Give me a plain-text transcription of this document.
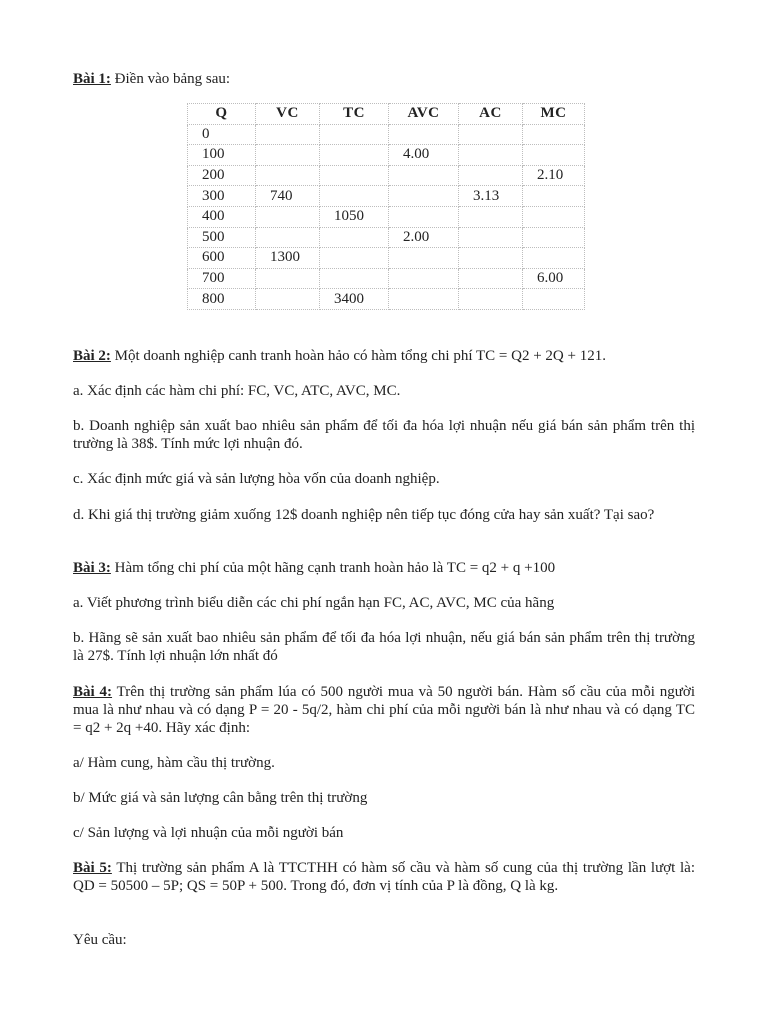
Bài 1: Điền vào bảng sau:
Q	VC	TC	AVC	AC	MC
0					
100			4.00		
200					2.10
300	740			3.13	
400		1050			
500			2.00		
600	1300				
700					6.00
800		3400			
Bài 2: Một doanh nghiệp canh tranh hoàn hảo có hàm tổng chi phí TC = Q2 + 2Q + 121.
a. Xác định các hàm chi phí: FC, VC, ATC, AVC, MC.
b. Doanh nghiệp sản xuất bao nhiêu sản phẩm để tối đa hóa lợi nhuận nếu giá bán sản phẩm trên thị trường là 38$. Tính mức lợi nhuận đó.
c. Xác định mức giá và sản lượng hòa vốn của doanh nghiệp.
d. Khi giá thị trường giảm xuống 12$ doanh nghiệp nên tiếp tục đóng cửa hay sản xuất? Tại sao?
Bài 3: Hàm tổng chi phí của một hãng cạnh tranh hoàn hảo là TC = q2 + q +100
a. Viết phương trình biểu diễn các chi phí ngắn hạn FC, AC, AVC, MC của hãng
b. Hãng sẽ sản xuất bao nhiêu sản phẩm để tối đa hóa lợi nhuận, nếu giá bán sản phẩm trên thị trường là 27$. Tính lợi nhuận lớn nhất đó
Bài 4: Trên thị trường sản phẩm lúa có 500 người mua và 50 người bán. Hàm số cầu của mỗi người mua là như nhau và có dạng P = 20 - 5q/2, hàm chi phí của mỗi người bán là như nhau và có dạng TC = q2 + 2q +40. Hãy xác định:
a/ Hàm cung, hàm cầu thị trường.
b/ Mức giá và sản lượng cân bằng trên thị trường
c/ Sản lượng và lợi nhuận của mỗi người bán
Bài 5: Thị trường sản phẩm A là TTCTHH có hàm số cầu và hàm số cung của thị trường lần lượt là: QD = 50500 – 5P; QS = 50P + 500. Trong đó, đơn vị tính của P là đồng, Q là kg.
Yêu cầu:
